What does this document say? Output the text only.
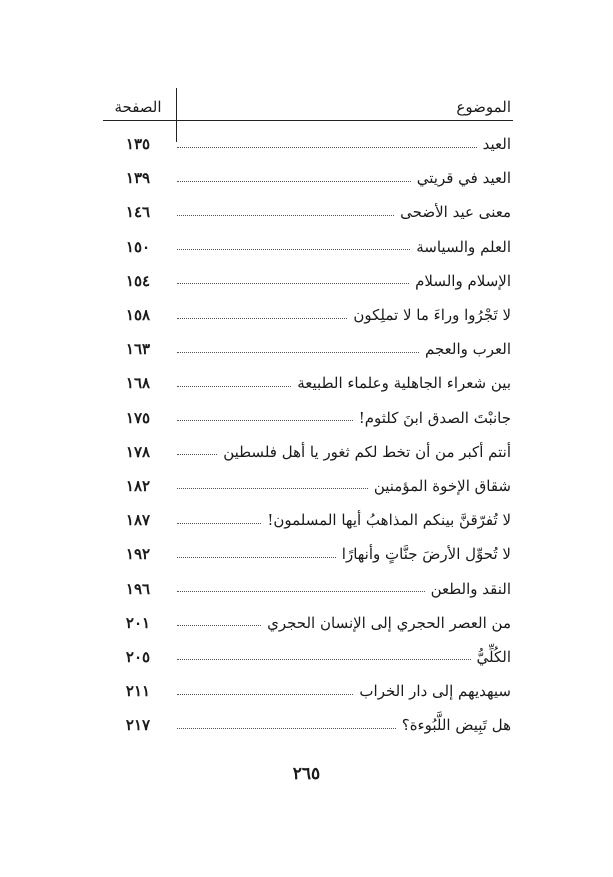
الموضوع
الصفحة
العيد
١٣٥
العيد في قريتي
١٣٩
معنى عيد الأضحى
١٤٦
العلم والسياسة
١٥٠
الإسلام والسلام
١٥٤
لا تَجْرُوا وراءَ ما لا تملِكون
١٥٨
العرب والعجم
١٦٣
بين شعراء الجاهلية وعلماء الطبيعة
١٦٨
جانبْتَ الصدق ابنَ كلثوم!
١٧٥
أنتم أكبر من أن تخط لكم ثغور يا أهل فلسطين
١٧٨
شقاق الإخوة المؤمنين
١٨٢
لا تُفرّقنَّ بينكم المذاهبُ أيها المسلمون!
١٨٧
لا تُحوِّل الأرضَ جنَّاتٍ وأنهارًا
١٩٢
النقد والطعن
١٩٦
من العصر الحجري إلى الإنسان الحجري
٢٠١
الكُلِّيُّ
٢٠٥
سيهديهم إلى دار الخراب
٢١١
هل تَبِيض اللَّبُوءة؟
٢١٧
٢٦٥
